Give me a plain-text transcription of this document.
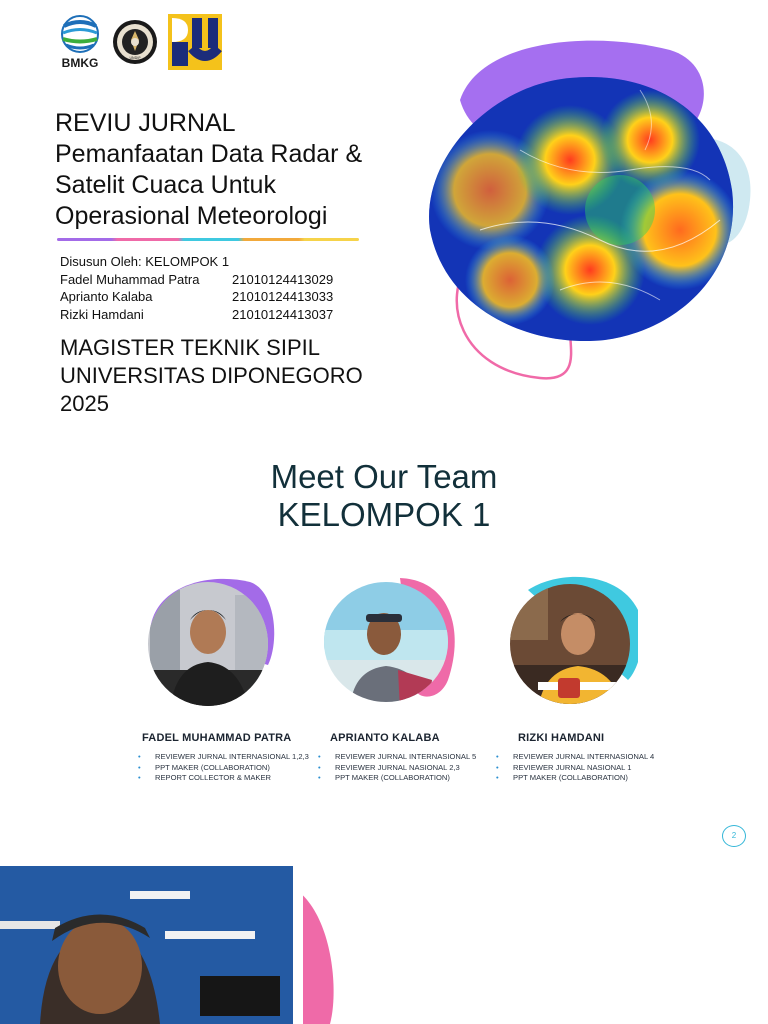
BMKG	UNDIP
REVIU JURNAL
Pemanfaatan Data Radar &
Satelit Cuaca Untuk
Operasional Meteorologi
Disusun Oleh: KELOMPOK 1
Fadel Muhammad Patra	21010124413029
Aprianto Kalaba	21010124413033
Rizki Hamdani	21010124413037
MAGISTER TEKNIK SIPIL
UNIVERSITAS DIPONEGORO
2025
Meet Our Team
KELOMPOK 1
FADEL MUHAMMAD PATRA
• REVIEWER JURNAL INTERNASIONAL 1,2,3
• PPT MAKER (COLLABORATION)
• REPORT COLLECTOR & MAKER
APRIANTO KALABA
• REVIEWER JURNAL INTERNASIONAL 5
• REVIEWER JURNAL NASIONAL 2,3
• PPT MAKER (COLLABORATION)
RIZKI HAMDANI
• REVIEWER JURNAL INTERNASIONAL 4
• REVIEWER JURNAL NASIONAL 1
• PPT MAKER (COLLABORATION)
2
